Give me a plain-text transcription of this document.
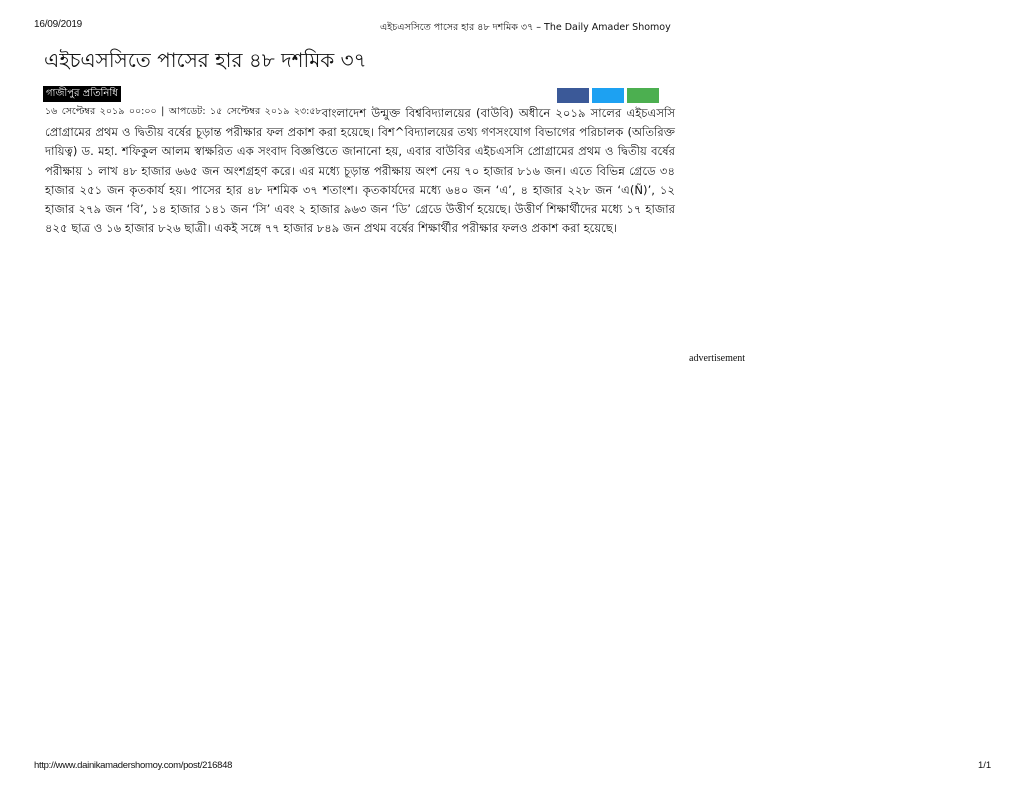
16/09/2019	এইচএসসিতে পাসের হার ৪৮ দশমিক ৩৭ – The Daily Amader Shomoy
এইচএসসিতে পাসের হার ৪৮ দশমিক ৩৭
গাজীপুর প্রতিনিধি

$^{১৬ সেপ্টেম্বর ২০১৯ ০০:০০ | আপডেট: ১৫ সেপ্টেম্বর ২০১৯ ২৩:৫৮}$বাংলাদেশ উন্মুক্ত বিশ্ববিদ্যালয়ের (বাউবি) অধীনে ২০১৯ সালের এইচএসসি প্রোগ্রামের প্রথম ও দ্বিতীয় বর্ষের চূড়ান্ত পরীক্ষার ফল প্রকাশ করা হয়েছে। বিশ^বিদ্যালয়ের তথ্য গণসংযোগ বিভাগের পরিচালক (অতিরিক্ত দায়িত্ব) ড. মহা. শফিকুল আলম স্বাক্ষরিত এক সংবাদ বিজ্ঞপ্তিতে জানানো হয়, এবার বাউবির এইচএসসি প্রোগ্রামের প্রথম ও দ্বিতীয় বর্ষের পরীক্ষায় ১ লাখ ৪৮ হাজার ৬৬৫ জন অংশগ্রহণ করে। এর মধ্যে চূড়ান্ত পরীক্ষায় অংশ নেয় ৭০ হাজার ৮১৬ জন। এতে বিভিন্ন গ্রেডে ৩৪ হাজার ২৫১ জন কৃতকার্য হয়। পাসের হার ৪৮ দশমিক ৩৭ শতাংশ। কৃতকার্যদের মধ্যে ৬৪০ জন ‘এ’, ৪ হাজার ২২৮ জন ‘এ(Ñ)’, ১২ হাজার ২৭৯ জন ‘বি’, ১৪ হাজার ১৪১ জন ‘সি’ এবং ২ হাজার ৯৬৩ জন ‘ডি’ গ্রেডে উত্তীর্ণ হয়েছে। উত্তীর্ণ শিক্ষার্থীদের মধ্যে ১৭ হাজার ৪২৫ ছাত্র ও ১৬ হাজার ৮২৬ ছাত্রী। একই সঙ্গে ৭৭ হাজার ৮৪৯ জন প্রথম বর্ষের শিক্ষার্থীর পরীক্ষার ফলও প্রকাশ করা হয়েছে।

advertisement
http://www.dainikamadershomoy.com/post/216848	1/1
